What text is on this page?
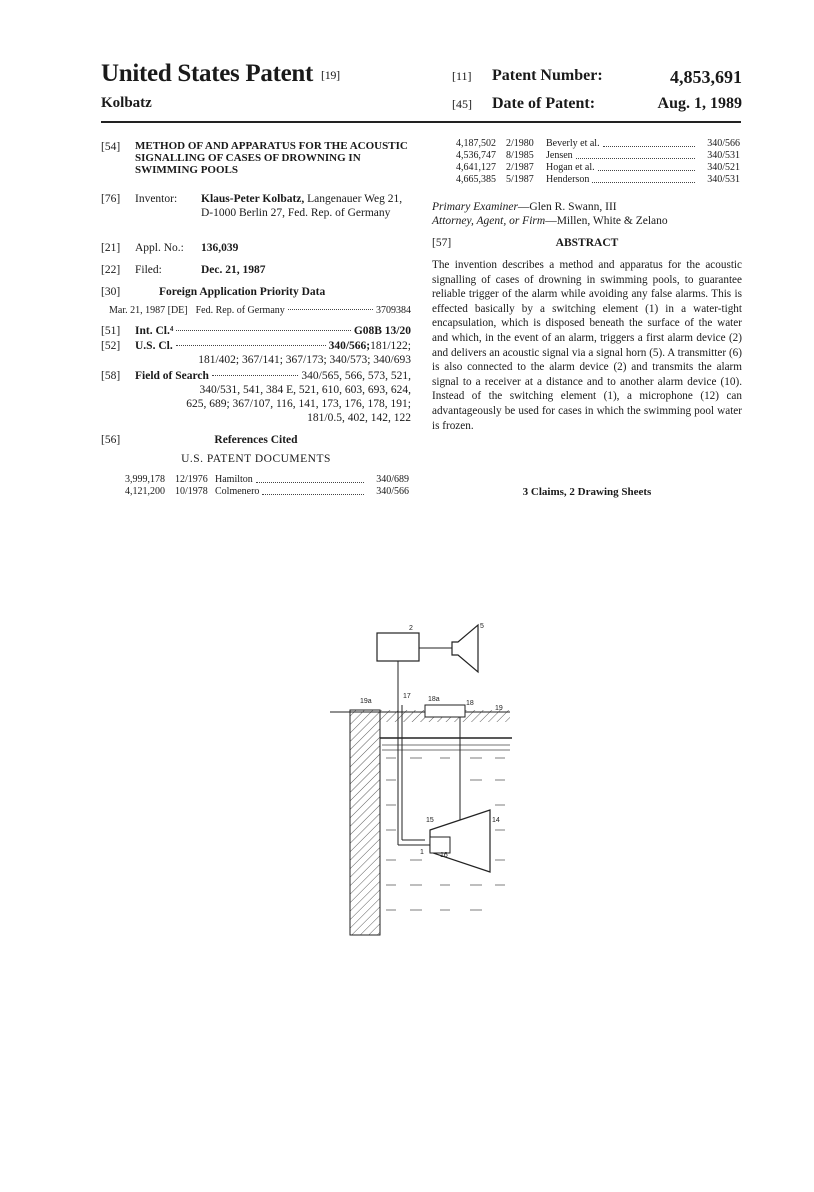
United States Patent [19]
Kolbatz
[11] Patent Number:	4,853,691
[45] Date of Patent:	Aug. 1, 1989
[54] METHOD OF AND APPARATUS FOR THE ACOUSTIC SIGNALLING OF CASES OF DROWNING IN SWIMMING POOLS
[76] Inventor:	Klaus-Peter Kolbatz, Langenauer Weg 21, D-1000 Berlin 27, Fed. Rep. of Germany
[21] Appl. No.:	136,039
[22] Filed:	Dec. 21, 1987
[30]	Foreign Application Priority Data
Mar. 21, 1987 [DE] Fed. Rep. of Germany	3709384
[51] Int. Cl.⁴	G08B 13/20
[52] U.S. Cl.	340/566; 181/122;
181/402; 367/141; 367/173; 340/573; 340/693
[58] Field of Search	340/565, 566, 573, 521,
340/531, 541, 384 E, 521, 610, 603, 693, 624,
625, 689; 367/107, 116, 141, 173, 176, 178, 191;
181/0.5, 402, 142, 122
[56]	References Cited
U.S. PATENT DOCUMENTS
3,999,178	12/1976 Hamilton	340/689
4,121,200	10/1978 Colmenero	340/566
4,187,502	2/1980	Beverly et al.	340/566
4,536,747	8/1985	Jensen	340/531
4,641,127	2/1987	Hogan et al.	340/521
4,665,385	5/1987	Henderson	340/531
Primary Examiner—Glen R. Swann, III
Attorney, Agent, or Firm—Millen, White & Zelano
[57]	ABSTRACT
The invention describes a method and apparatus for the acoustic signalling of cases of drowning in swimming pools, to guarantee reliable trigger of the alarm while avoiding any false alarms. This is effected basically by a switching element (1) in a water-tight encapsulation, which is disposed beneath the surface of the water and which, in the event of an alarm, triggers a first alarm device (2) and delivers an acoustic signal via a signal horn (5). A transmitter (6) is also connected to the alarm device (2) and transmits the alarm signal to a receiver at a distance and to another alarm device (10). Instead of the switching element (1), a microphone (12) can advantageously be used for cases in which the swimming pool water is frozen.
3 Claims, 2 Drawing Sheets
2	5
19a
17 18a
18
19
15	14
1 16
